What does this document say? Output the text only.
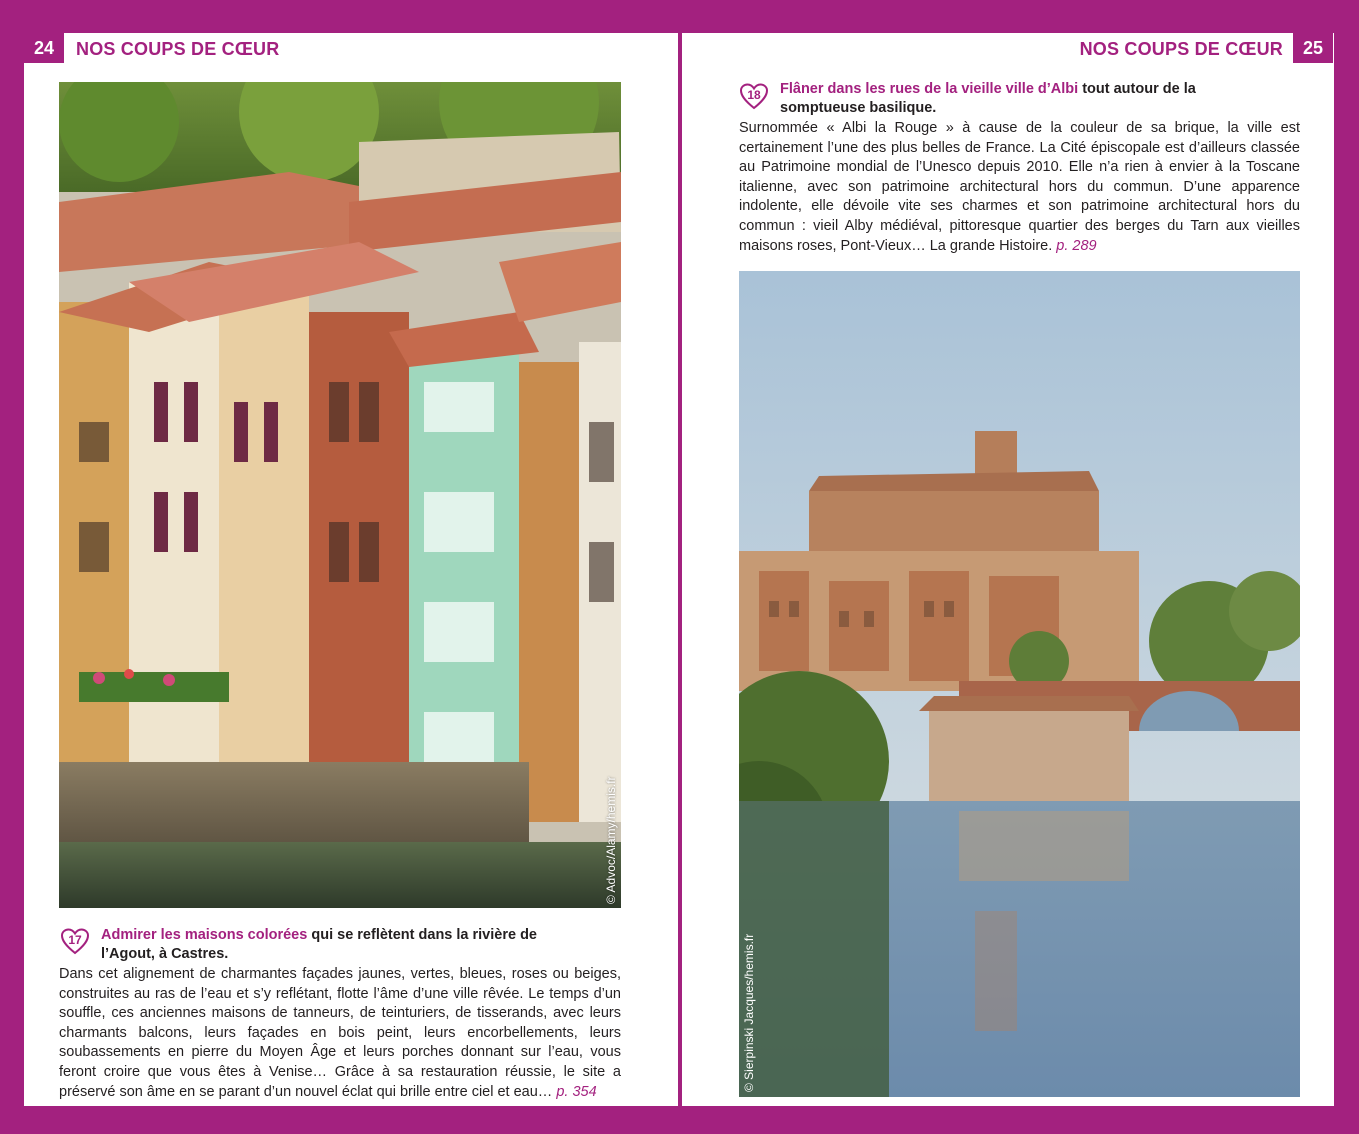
24	NOS COUPS DE CŒUR	NOS COUPS DE CŒUR	25
© Advoc/Alamy/hemis.fr
© Sierpinski Jacques/hemis.fr
17	Admirer les maisons colorées qui se reflètent dans la rivière de l’Agout, à Castres.
Dans cet alignement de charmantes façades jaunes, vertes, bleues, roses ou beiges, construites au ras de l’eau et s’y reflétant, flotte l’âme d’une ville rêvée. Le temps d’un souffle, ces anciennes maisons de tanneurs, de teinturiers, de tisserands, avec leurs charmants balcons, leurs façades en bois peint, leurs encorbellements, leurs soubassements en pierre du Moyen Âge et leurs porches donnant sur l’eau, vous feront croire que vous êtes à Venise… Grâce à sa restauration réussie, le site a préservé son âme en se parant d’un nouvel éclat qui brille entre ciel et eau… p. 354
18	Flâner dans les rues de la vieille ville d’Albi tout autour de la somptueuse basilique.
Surnommée « Albi la Rouge » à cause de la couleur de sa brique, la ville est certainement l’une des plus belles de France. La Cité épiscopale est d’ailleurs classée au Patrimoine mondial de l’Unesco depuis 2010. Elle n’a rien à envier à la Toscane italienne, avec son patrimoine architectural hors du commun. D’une apparence indolente, elle dévoile vite ses charmes et son patrimoine architectural hors du commun : vieil Alby médiéval, pittoresque quartier des berges du Tarn aux vieilles maisons roses, Pont-Vieux… La grande Histoire. p. 289
